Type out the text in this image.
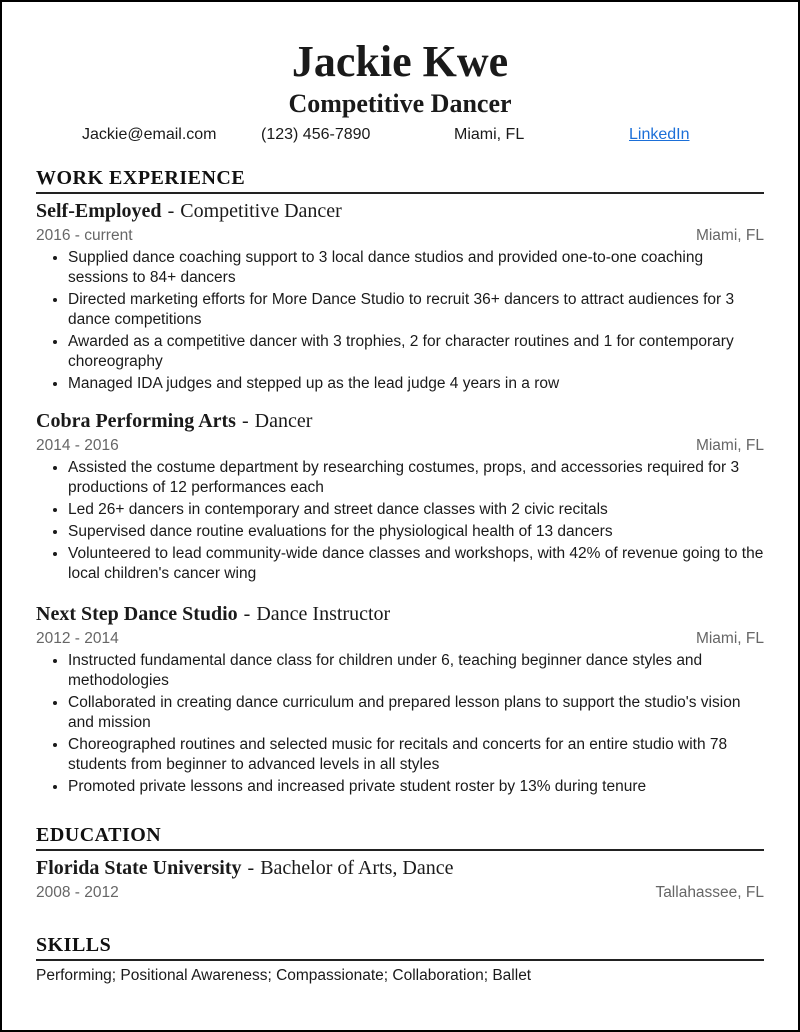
Jackie Kwe
Competitive Dancer
Jackie@email.com	(123) 456-7890	Miami, FL	LinkedIn
WORK EXPERIENCE
Self-Employed - Competitive Dancer
2016 - current	Miami, FL
• Supplied dance coaching support to 3 local dance studios and provided one-to-one coaching sessions to 84+ dancers
• Directed marketing efforts for More Dance Studio to recruit 36+ dancers to attract audiences for 3 dance competitions
• Awarded as a competitive dancer with 3 trophies, 2 for character routines and 1 for contemporary choreography
• Managed IDA judges and stepped up as the lead judge 4 years in a row
Cobra Performing Arts - Dancer
2014 - 2016	Miami, FL
• Assisted the costume department by researching costumes, props, and accessories required for 3 productions of 12 performances each
• Led 26+ dancers in contemporary and street dance classes with 2 civic recitals
• Supervised dance routine evaluations for the physiological health of 13 dancers
• Volunteered to lead community-wide dance classes and workshops, with 42% of revenue going to the local children's cancer wing
Next Step Dance Studio - Dance Instructor
2012 - 2014	Miami, FL
• Instructed fundamental dance class for children under 6, teaching beginner dance styles and methodologies
• Collaborated in creating dance curriculum and prepared lesson plans to support the studio's vision and mission
• Choreographed routines and selected music for recitals and concerts for an entire studio with 78 students from beginner to advanced levels in all styles
• Promoted private lessons and increased private student roster by 13% during tenure
EDUCATION
Florida State University - Bachelor of Arts, Dance
2008 - 2012	Tallahassee, FL
SKILLS
Performing; Positional Awareness; Compassionate; Collaboration; Ballet
